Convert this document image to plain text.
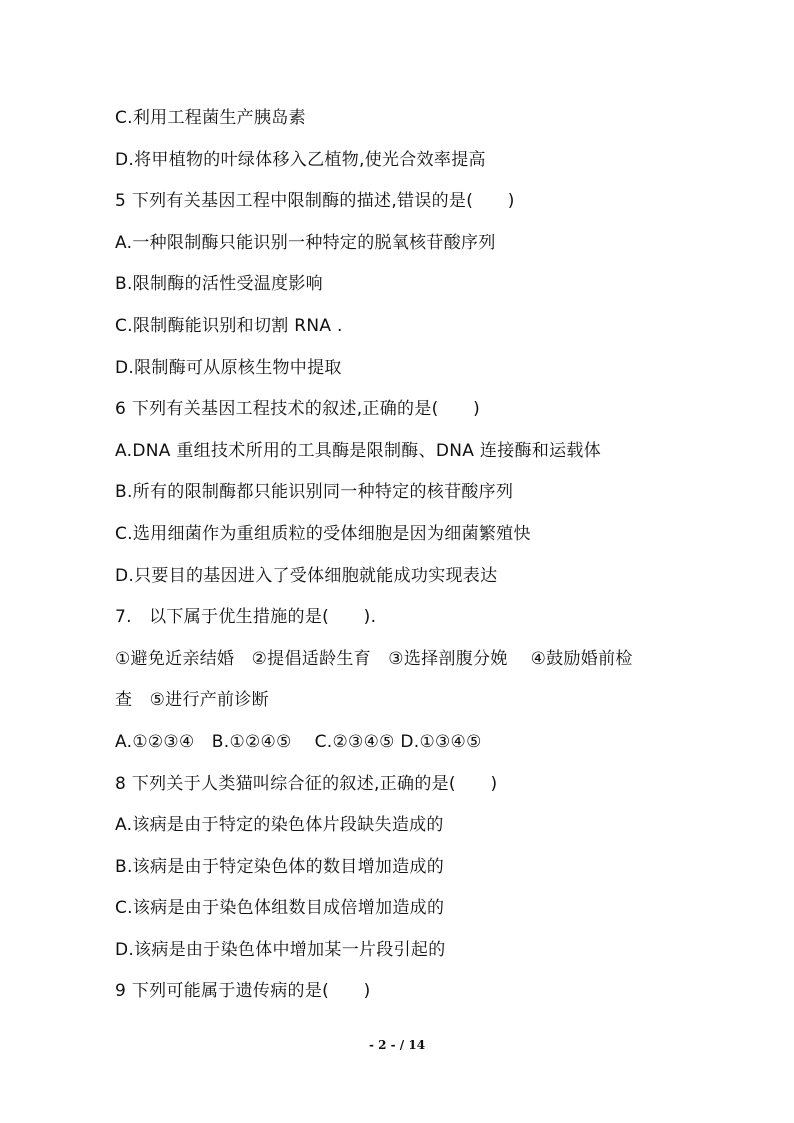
C.利用工程菌生产胰岛素
D.将甲植物的叶绿体移入乙植物,使光合效率提高
5 下列有关基因工程中限制酶的描述,错误的是(　　)
A.一种限制酶只能识别一种特定的脱氧核苷酸序列
B.限制酶的活性受温度影响
C.限制酶能识别和切割 RNA .
D.限制酶可从原核生物中提取
6 下列有关基因工程技术的叙述,正确的是(　　)
A.DNA 重组技术所用的工具酶是限制酶、DNA 连接酶和运载体
B.所有的限制酶都只能识别同一种特定的核苷酸序列
C.选用细菌作为重组质粒的受体细胞是因为细菌繁殖快
D.只要目的基因进入了受体细胞就能成功实现表达
7.　以下属于优生措施的是(　　).
①避免近亲结婚　②提倡适龄生育　③选择剖腹分娩　 ④鼓励婚前检
查　⑤进行产前诊断
A.①②③④　B.①②④⑤　 C.②③④⑤ D.①③④⑤
8 下列关于人类猫叫综合征的叙述,正确的是(　　)
A.该病是由于特定的染色体片段缺失造成的
B.该病是由于特定染色体的数目增加造成的
C.该病是由于染色体组数目成倍增加造成的
D.该病是由于染色体中增加某一片段引起的
9 下列可能属于遗传病的是(　　)
- 2 - / 14
